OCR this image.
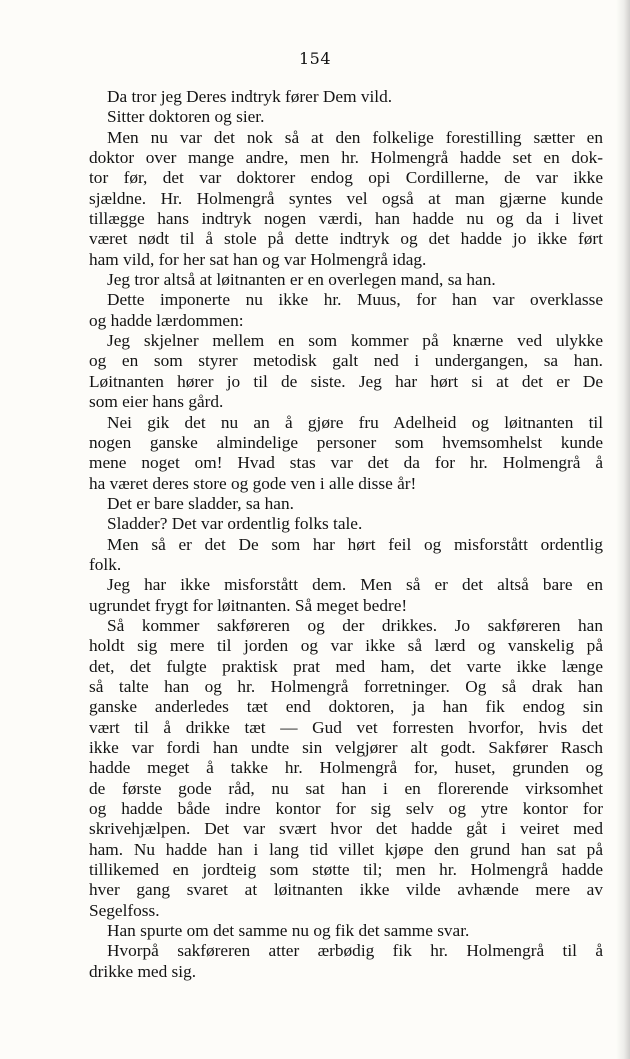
154
Da tror jeg Deres indtryk fører Dem vild.
Sitter doktoren og sier.
Men nu var det nok så at den folkelige forestilling sætter en
doktor over mange andre, men hr. Holmengrå hadde set en dok-
tor før, det var doktorer endog opi Cordillerne, de var ikke
sjældne. Hr. Holmengrå syntes vel også at man gjærne kunde
tillægge hans indtryk nogen værdi, han hadde nu og da i livet
været nødt til å stole på dette indtryk og det hadde jo ikke ført
ham vild, for her sat han og var Holmengrå idag.
Jeg tror altså at løitnanten er en overlegen mand, sa han.
Dette imponerte nu ikke hr. Muus, for han var overklasse
og hadde lærdommen:
Jeg skjelner mellem en som kommer på knærne ved ulykke
og en som styrer metodisk galt ned i undergangen, sa han.
Løitnanten hører jo til de siste. Jeg har hørt si at det er De
som eier hans gård.
Nei gik det nu an å gjøre fru Adelheid og løitnanten til
nogen ganske almindelige personer som hvemsomhelst kunde
mene noget om! Hvad stas var det da for hr. Holmengrå å
ha været deres store og gode ven i alle disse år!
Det er bare sladder, sa han.
Sladder? Det var ordentlig folks tale.
Men så er det De som har hørt feil og misforstått ordentlig
folk.
Jeg har ikke misforstått dem. Men så er det altså bare en
ugrundet frygt for løitnanten. Så meget bedre!
Så kommer sakføreren og der drikkes. Jo sakføreren han
holdt sig mere til jorden og var ikke så lærd og vanskelig på
det, det fulgte praktisk prat med ham, det varte ikke længe
så talte han og hr. Holmengrå forretninger. Og så drak han
ganske anderledes tæt end doktoren, ja han fik endog sin
vært til å drikke tæt — Gud vet forresten hvorfor, hvis det
ikke var fordi han undte sin velgjører alt godt. Sakfører Rasch
hadde meget å takke hr. Holmengrå for, huset, grunden og
de første gode råd, nu sat han i en florerende virksomhet
og hadde både indre kontor for sig selv og ytre kontor for
skrivehjælpen. Det var svært hvor det hadde gåt i veiret med
ham. Nu hadde han i lang tid villet kjøpe den grund han sat på
tillikemed en jordteig som støtte til; men hr. Holmengrå hadde
hver gang svaret at løitnanten ikke vilde avhænde mere av
Segelfoss.
Han spurte om det samme nu og fik det samme svar.
Hvorpå sakføreren atter ærbødig fik hr. Holmengrå til å
drikke med sig.
